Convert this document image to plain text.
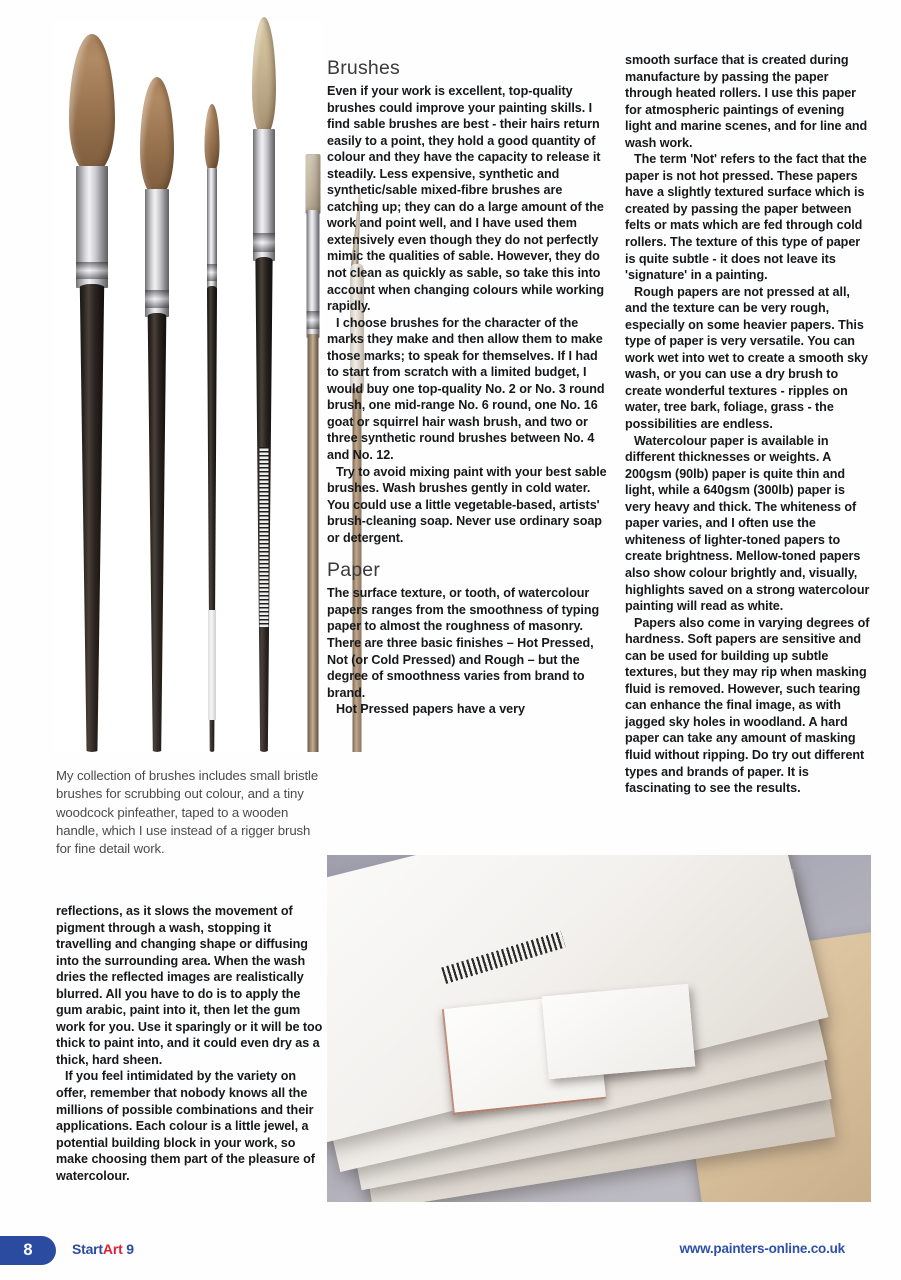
My collection of brushes includes small bristle brushes for scrubbing out colour, and a tiny woodcock pinfeather, taped to a wooden handle, which I use instead of a rigger brush for fine detail work.

reflections, as it slows the movement of pigment through a wash, stopping it travelling and changing shape or diffusing into the surrounding area. When the wash dries the reflected images are realistically blurred. All you have to do is to apply the gum arabic, paint into it, then let the gum work for you. Use it sparingly or it will be too thick to paint into, and it could even dry as a thick, hard sheen.

If you feel intimidated by the variety on offer, remember that nobody knows all the millions of possible combinations and their applications. Each colour is a little jewel, a potential building block in your work, so make choosing them part of the pleasure of watercolour.

Brushes

Even if your work is excellent, top-quality brushes could improve your painting skills. I find sable brushes are best - their hairs return easily to a point, they hold a good quantity of colour and they have the capacity to release it steadily. Less expensive, synthetic and synthetic/sable mixed-fibre brushes are catching up; they can do a large amount of the work and point well, and I have used them extensively even though they do not perfectly mimic the qualities of sable. However, they do not clean as quickly as sable, so take this into account when changing colours while working rapidly.

I choose brushes for the character of the marks they make and then allow them to make those marks; to speak for themselves. If I had to start from scratch with a limited budget, I would buy one top-quality No. 2 or No. 3 round brush, one mid-range No. 6 round, one No. 16 goat or squirrel hair wash brush, and two or three synthetic round brushes between No. 4 and No. 12.

Try to avoid mixing paint with your best sable brushes. Wash brushes gently in cold water. You could use a little vegetable-based, artists' brush-cleaning soap. Never use ordinary soap or detergent.

Paper

The surface texture, or tooth, of watercolour papers ranges from the smoothness of typing paper to almost the roughness of masonry. There are three basic finishes – Hot Pressed, Not (or Cold Pressed) and Rough – but the degree of smoothness varies from brand to brand.

Hot Pressed papers have a very

smooth surface that is created during manufacture by passing the paper through heated rollers. I use this paper for atmospheric paintings of evening light and marine scenes, and for line and wash work.

The term 'Not' refers to the fact that the paper is not hot pressed. These papers have a slightly textured surface which is created by passing the paper between felts or mats which are fed through cold rollers. The texture of this type of paper is quite subtle - it does not leave its 'signature' in a painting.

Rough papers are not pressed at all, and the texture can be very rough, especially on some heavier papers. This type of paper is very versatile. You can work wet into wet to create a smooth sky wash, or you can use a dry brush to create wonderful textures - ripples on water, tree bark, foliage, grass - the possibilities are endless.

Watercolour paper is available in different thicknesses or weights. A 200gsm (90lb) paper is quite thin and light, while a 640gsm (300lb) paper is very heavy and thick. The whiteness of paper varies, and I often use the whiteness of lighter-toned papers to create brightness. Mellow-toned papers also show colour brightly and, visually, highlights saved on a strong watercolour painting will read as white.

Papers also come in varying degrees of hardness. Soft papers are sensitive and can be used for building up subtle textures, but they may rip when masking fluid is removed. However, such tearing can enhance the final image, as with jagged sky holes in woodland. A hard paper can take any amount of masking fluid without ripping. Do try out different types and brands of paper. It is fascinating to see the results.

8	StartArt 9	www.painters-online.co.uk
